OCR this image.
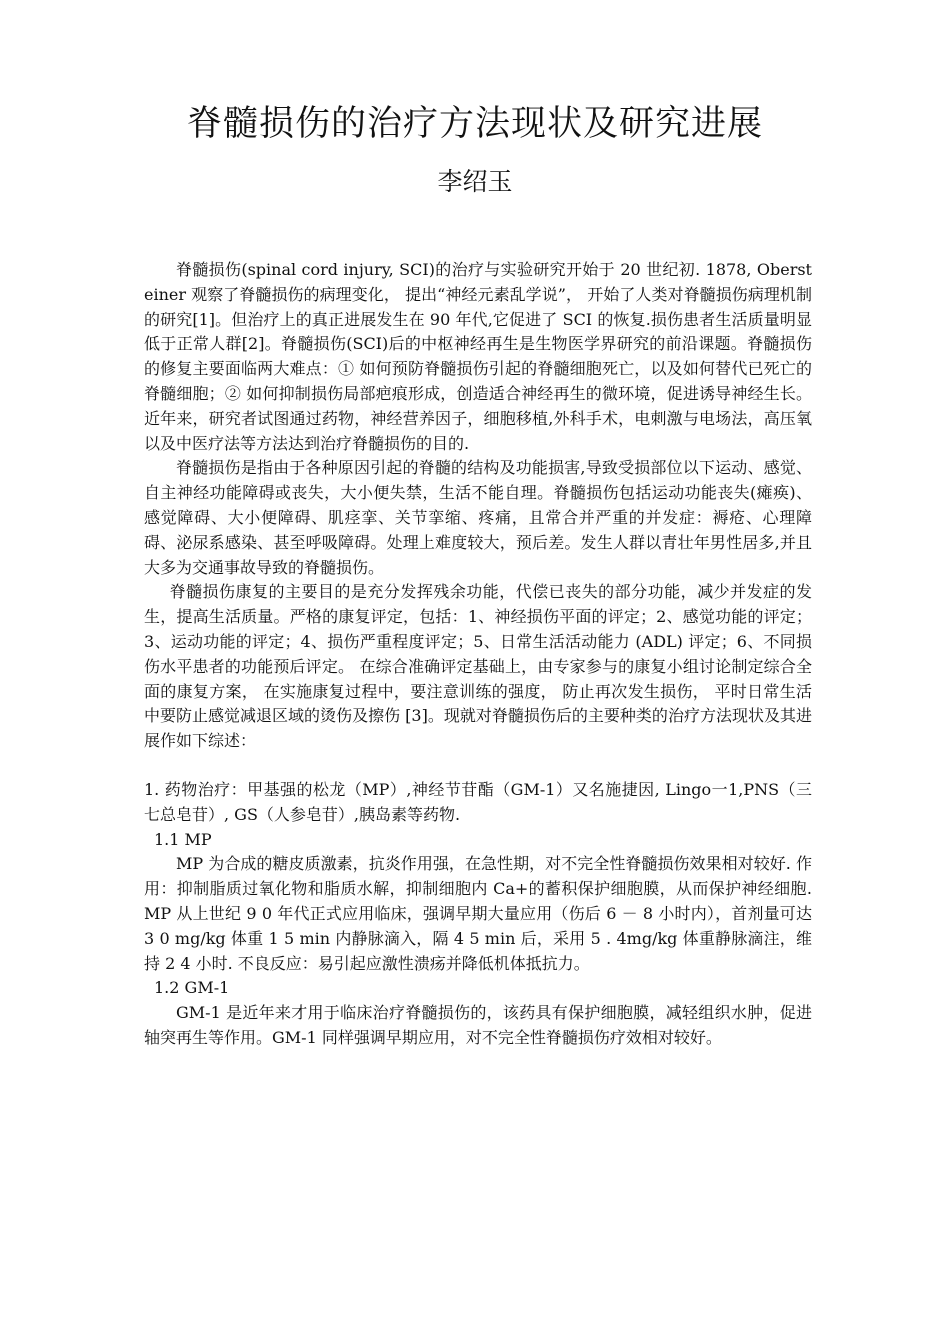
脊髓损伤的治疗方法现状及研究进展
李绍玉

脊髓损伤(spinal cord injury, SCI)的治疗与实验研究开始于 20 世纪初. 1878, Obersteiner 观察了脊髓损伤的病理变化， 提出“神经元素乱学说”， 开始了人类对脊髓损伤病理机制的研究[1]。但治疗上的真正进展发生在 90 年代,它促进了 SCI 的恢复.损伤患者生活质量明显低于正常人群[2]。脊髓损伤(SCI)后的中枢神经再生是生物医学界研究的前沿课题。脊髓损伤的修复主要面临两大难点：① 如何预防脊髓损伤引起的脊髓细胞死亡，以及如何替代已死亡的脊髓细胞；② 如何抑制损伤局部疤痕形成，创造适合神经再生的微环境，促进诱导神经生长。近年来，研究者试图通过药物，神经营养因子，细胞移植,外科手术，电刺激与电场法，高压氧以及中医疗法等方法达到治疗脊髓损伤的目的.

脊髓损伤是指由于各种原因引起的脊髓的结构及功能损害,导致受损部位以下运动、感觉、自主神经功能障碍或丧失，大小便失禁，生活不能自理。脊髓损伤包括运动功能丧失(瘫痪)、感觉障碍、大小便障碍、肌痉挛、关节挛缩、疼痛，且常合并严重的并发症：褥疮、心理障碍、泌尿系感染、甚至呼吸障碍。处理上难度较大，预后差。发生人群以青壮年男性居多,并且大多为交通事故导致的脊髓损伤。

脊髓损伤康复的主要目的是充分发挥残余功能，代偿已丧失的部分功能，减少并发症的发生，提高生活质量。严格的康复评定，包括：1、神经损伤平面的评定；2、感觉功能的评定；3、运动功能的评定；4、损伤严重程度评定；5、日常生活活动能力 (ADL) 评定；6、不同损伤水平患者的功能预后评定。 在综合准确评定基础上，由专家参与的康复小组讨论制定综合全面的康复方案， 在实施康复过程中，要注意训练的强度， 防止再次发生损伤， 平时日常生活中要防止感觉减退区域的烫伤及擦伤 [3]。现就对脊髓损伤后的主要种类的治疗方法现状及其进展作如下综述：

1. 药物治疗：甲基强的松龙（MP）,神经节苷酯（GM-1）又名施捷因, Lingo一1,PNS（三七总皂苷）, GS（人参皂苷）,胰岛素等药物.

1.1 MP

MP 为合成的糖皮质激素，抗炎作用强，在急性期，对不完全性脊髓损伤效果相对较好. 作用：抑制脂质过氧化物和脂质水解，抑制细胞内 Ca+的蓄积保护细胞膜，从而保护神经细胞. MP 从上世纪 9 0 年代正式应用临床，强调早期大量应用（伤后 6 － 8 小时内），首剂量可达 3 0 mg/kg 体重 1 5 min 内静脉滴入，隔 4 5 min 后，采用 5 . 4mg/kg 体重静脉滴注，维持 2 4 小时. 不良反应：易引起应激性溃疡并降低机体抵抗力。

1.2 GM-1

GM-1 是近年来才用于临床治疗脊髓损伤的，该药具有保护细胞膜，减轻组织水肿，促进轴突再生等作用。GM-1 同样强调早期应用，对不完全性脊髓损伤疗效相对较好。
